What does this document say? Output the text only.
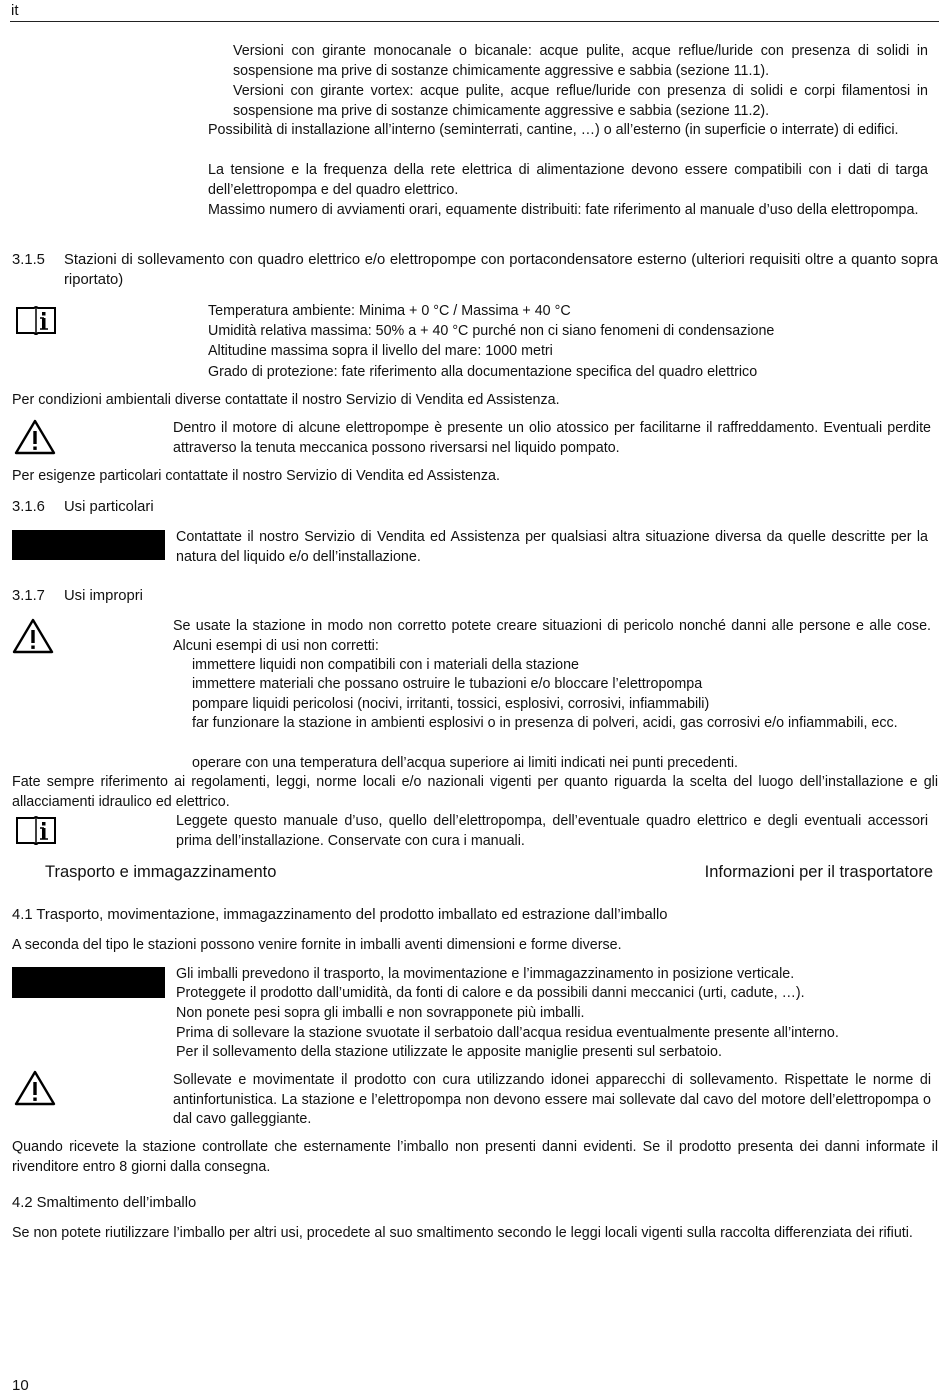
it
Versioni con girante monocanale o bicanale: acque pulite, acque reflue/luride con presenza di solidi in sospensione ma prive di sostanze chimicamente aggressive e sabbia (sezione 11.1).
Versioni con girante vortex: acque pulite, acque reflue/luride con presenza di solidi e corpi filamentosi in sospensione ma prive di sostanze chimicamente aggressive e sabbia (sezione 11.2).
Possibilità di installazione all’interno (seminterrati, cantine, …) o all’esterno (in superficie o interrate) di edifici.
La tensione e la frequenza della rete elettrica di alimentazione devono essere compatibili con i dati di targa dell’elettropompa e del quadro elettrico.
Massimo numero di avviamenti orari, equamente distribuiti: fate riferimento al manuale d’uso della elettropompa.
3.1.5	Stazioni di sollevamento con quadro elettrico e/o elettropompe con portacondensatore esterno (ulteriori requisiti oltre a quanto sopra riportato)
Temperatura ambiente: Minima + 0 °C / Massima + 40 °C
Umidità relativa massima: 50% a + 40 °C purché non ci siano fenomeni di condensazione
Altitudine massima sopra il livello del mare: 1000 metri
Grado di protezione: fate riferimento alla documentazione specifica del quadro elettrico
Per condizioni ambientali diverse contattate il nostro Servizio di Vendita ed Assistenza.
Dentro il motore di alcune elettropompe è presente un olio atossico per facilitarne il raffreddamento. Eventuali perdite attraverso la tenuta meccanica possono riversarsi nel liquido pompato.
Per esigenze particolari contattate il nostro Servizio di Vendita ed Assistenza.
3.1.6 Usi particolari
Contattate il nostro Servizio di Vendita ed Assistenza per qualsiasi altra situazione diversa da quelle descritte per la natura del liquido e/o dell’installazione.
3.1.7 Usi impropri
Se usate la stazione in modo non corretto potete creare situazioni di pericolo nonché danni alle persone e alle cose. Alcuni esempi di usi non corretti:
immettere liquidi non compatibili con i materiali della stazione
immettere materiali che possano ostruire le tubazioni e/o bloccare l’elettropompa
pompare liquidi pericolosi (nocivi, irritanti, tossici, esplosivi, corrosivi, infiammabili)
far funzionare la stazione in ambienti esplosivi o in presenza di polveri, acidi, gas corrosivi e/o infiammabili, ecc.
operare con una temperatura dell’acqua superiore ai limiti indicati nei punti precedenti.
Fate sempre riferimento ai regolamenti, leggi, norme locali e/o nazionali vigenti per quanto riguarda la scelta del luogo dell’installazione e gli allacciamenti idraulico ed elettrico.
Leggete questo manuale d’uso, quello dell’elettropompa, dell’eventuale quadro elettrico e degli eventuali accessori prima dell’installazione. Conservate con cura i manuali.
Trasporto e immagazzinamento	Informazioni per il trasportatore
4.1 Trasporto, movimentazione, immagazzinamento del prodotto imballato ed estrazione dall’imballo
A seconda del tipo le stazioni possono venire fornite in imballi aventi dimensioni e forme diverse.
Gli imballi prevedono il trasporto, la movimentazione e l’immagazzinamento in posizione verticale.
Proteggete il prodotto dall’umidità, da fonti di calore e da possibili danni meccanici (urti, cadute, …).
Non ponete pesi sopra gli imballi e non sovrapponete più imballi.
Prima di sollevare la stazione svuotate il serbatoio dall’acqua residua eventualmente presente all’interno.
Per il sollevamento della stazione utilizzate le apposite maniglie presenti sul serbatoio.
Sollevate e movimentate il prodotto con cura utilizzando idonei apparecchi di sollevamento. Rispettate le norme di antinfortunistica. La stazione e l’elettropompa non devono essere mai sollevate dal cavo del motore dell’elettropompa o dal cavo galleggiante.
Quando ricevete la stazione controllate che esternamente l’imballo non presenti danni evidenti. Se il prodotto presenta dei danni informate il rivenditore entro 8 giorni dalla consegna.
4.2 Smaltimento dell’imballo
Se non potete riutilizzare l’imballo per altri usi, procedete al suo smaltimento secondo le leggi locali vigenti sulla raccolta differenziata dei rifiuti.
10
